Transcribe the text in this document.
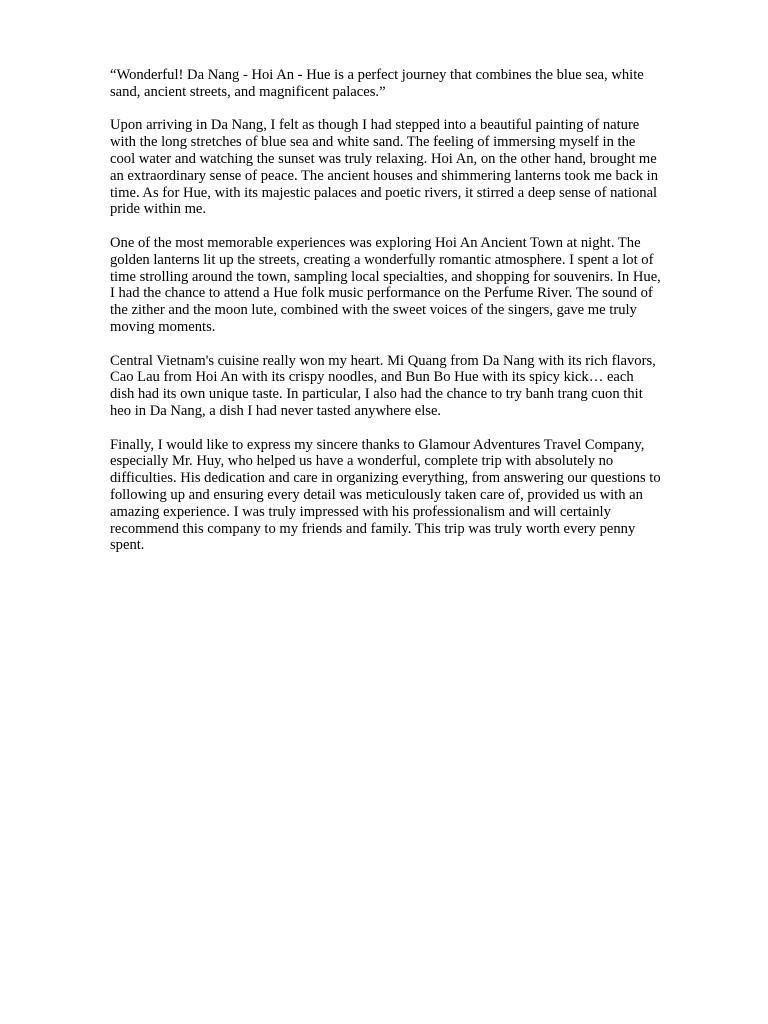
“Wonderful! Da Nang - Hoi An - Hue is a perfect journey that combines the blue sea, white
sand, ancient streets, and magnificent palaces.”

Upon arriving in Da Nang, I felt as though I had stepped into a beautiful painting of nature
with the long stretches of blue sea and white sand. The feeling of immersing myself in the
cool water and watching the sunset was truly relaxing. Hoi An, on the other hand, brought me
an extraordinary sense of peace. The ancient houses and shimmering lanterns took me back in
time. As for Hue, with its majestic palaces and poetic rivers, it stirred a deep sense of national
pride within me.

One of the most memorable experiences was exploring Hoi An Ancient Town at night. The
golden lanterns lit up the streets, creating a wonderfully romantic atmosphere. I spent a lot of
time strolling around the town, sampling local specialties, and shopping for souvenirs. In Hue,
I had the chance to attend a Hue folk music performance on the Perfume River. The sound of
the zither and the moon lute, combined with the sweet voices of the singers, gave me truly
moving moments.

Central Vietnam's cuisine really won my heart. Mi Quang from Da Nang with its rich flavors,
Cao Lau from Hoi An with its crispy noodles, and Bun Bo Hue with its spicy kick… each
dish had its own unique taste. In particular, I also had the chance to try banh trang cuon thit
heo in Da Nang, a dish I had never tasted anywhere else.

Finally, I would like to express my sincere thanks to Glamour Adventures Travel Company,
especially Mr. Huy, who helped us have a wonderful, complete trip with absolutely no
difficulties. His dedication and care in organizing everything, from answering our questions to
following up and ensuring every detail was meticulously taken care of, provided us with an
amazing experience. I was truly impressed with his professionalism and will certainly
recommend this company to my friends and family. This trip was truly worth every penny
spent.
